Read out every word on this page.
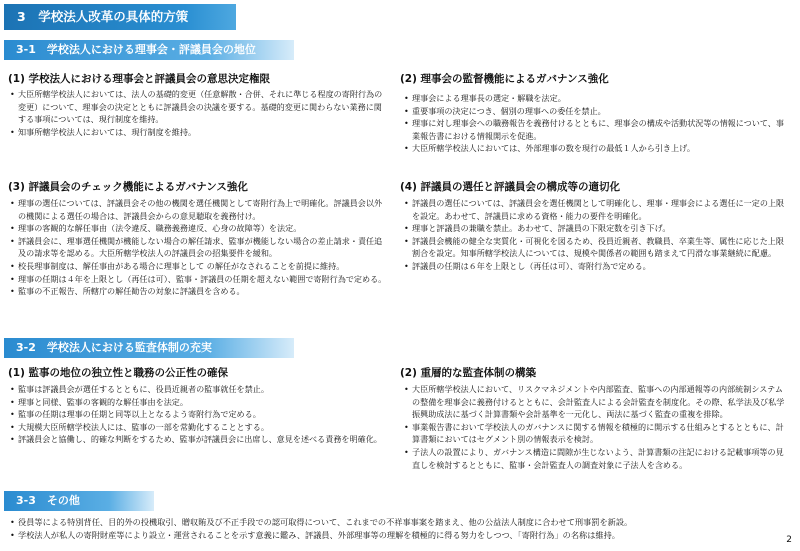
3　学校法人改革の具体的方策
3-1　学校法人における理事会・評議員会の地位
(1) 学校法人における理事会と評議員会の意思決定権限
• 大臣所轄学校法人においては、法人の基礎的変更（任意解散・合併、それに準じる程度の寄附行為の変更）について、理事会の決定とともに評議員会の決議を要する。基礎的変更に関わらない業務に関する事項については、現行制度を維持。
• 知事所轄学校法人においては、現行制度を維持。
(2) 理事会の監督機能によるガバナンス強化
• 理事会による理事長の選定・解職を法定。
• 重要事項の決定につき、個別の理事への委任を禁止。
• 理事に対し理事会への職務報告を義務付けるとともに、理事会の構成や活動状況等の情報について、事業報告書における情報開示を促進。
• 大臣所轄学校法人においては、外部理事の数を現行の最低１人から引き上げ。
(3) 評議員会のチェック機能によるガバナンス強化
• 理事の選任については、評議員会その他の機関を選任機関として寄附行為上で明確化。評議員会以外の機関による選任の場合は、評議員会からの意見聴取を義務付け。
• 理事の客観的な解任事由（法令違反、職務義務違反、心身の故障等）を法定。
• 評議員会に、理事選任機関が機能しない場合の解任請求、監事が機能しない場合の差止請求・責任追及の請求等を認める。大臣所轄学校法人の評議員会の招集要件を緩和。
• 校長理事制度は、解任事由がある場合に理事として の解任がなされることを前提に維持。
• 理事の任期は４年を上限とし（再任は可）、監事・評議員の任期を超えない範囲で寄附行為で定める。
• 監事の不正報告、所轄庁の解任勧告の対象に評議員を含める。
(4) 評議員の選任と評議員会の構成等の適切化
• 評議員の選任については、評議員会を選任機関として明確化し、理事・理事会による選任に一定の上限を設定。あわせて、評議員に求める資格・能力の要件を明確化。
• 理事と評議員の兼職を禁止。あわせて、評議員の下限定数を引き下げ。
• 評議員会機能の健全な実質化・可視化を図るため、役員近親者、教職員、卒業生等、属性に応じた上限割合を設定。知事所轄学校法人については、規模や関係者の範囲も踏まえて円滑な事業継続に配慮。
• 評議員の任期は６年を上限とし（再任は可）、寄附行為で定める。
3-2　学校法人における監査体制の充実
(1) 監事の地位の独立性と職務の公正性の確保
• 監事は評議員会が選任するとともに、役員近親者の監事就任を禁止。
• 理事と同様、監事の客観的な解任事由を法定。
• 監事の任期は理事の任期と同等以上となるよう寄附行為で定める。
• 大規模大臣所轄学校法人には、監事の一部を常勤化することとする。
• 評議員会と協働し、的確な判断をするため、監事が評議員会に出席し、意見を述べる責務を明確化。
(2) 重層的な監査体制の構築
• 大臣所轄学校法人において、リスクマネジメントや内部監査、監事への内部通報等の内部統制システムの整備を理事会に義務付けるとともに、会計監査人による会計監査を制度化。その際、私学法及び私学振興助成法に基づく計算書類や会計基準を一元化し、両法に基づく監査の重複を排除。
• 事業報告書において学校法人のガバナンスに関する情報を積極的に開示する仕組みとするとともに、計算書類においてはセグメント別の情報表示を検討。
• 子法人の設置により、ガバナンス構造に間隙が生じないよう、計算書類の注記における記載事項等の見直しを検討するとともに、監事・会計監査人の調査対象に子法人を含める。
3-3　その他
• 役員等による特別背任、目的外の投機取引、贈収賄及び不正手段での認可取得について、これまでの不祥事事案を踏まえ、他の公益法人制度に合わせて刑事罰を新設。
• 学校法人が私人の寄附財産等により設立・運営されることを示す意義に鑑み、評議員、外部理事等の理解を積極的に得る努力をしつつ、「寄附行為」の名称は維持。
2
